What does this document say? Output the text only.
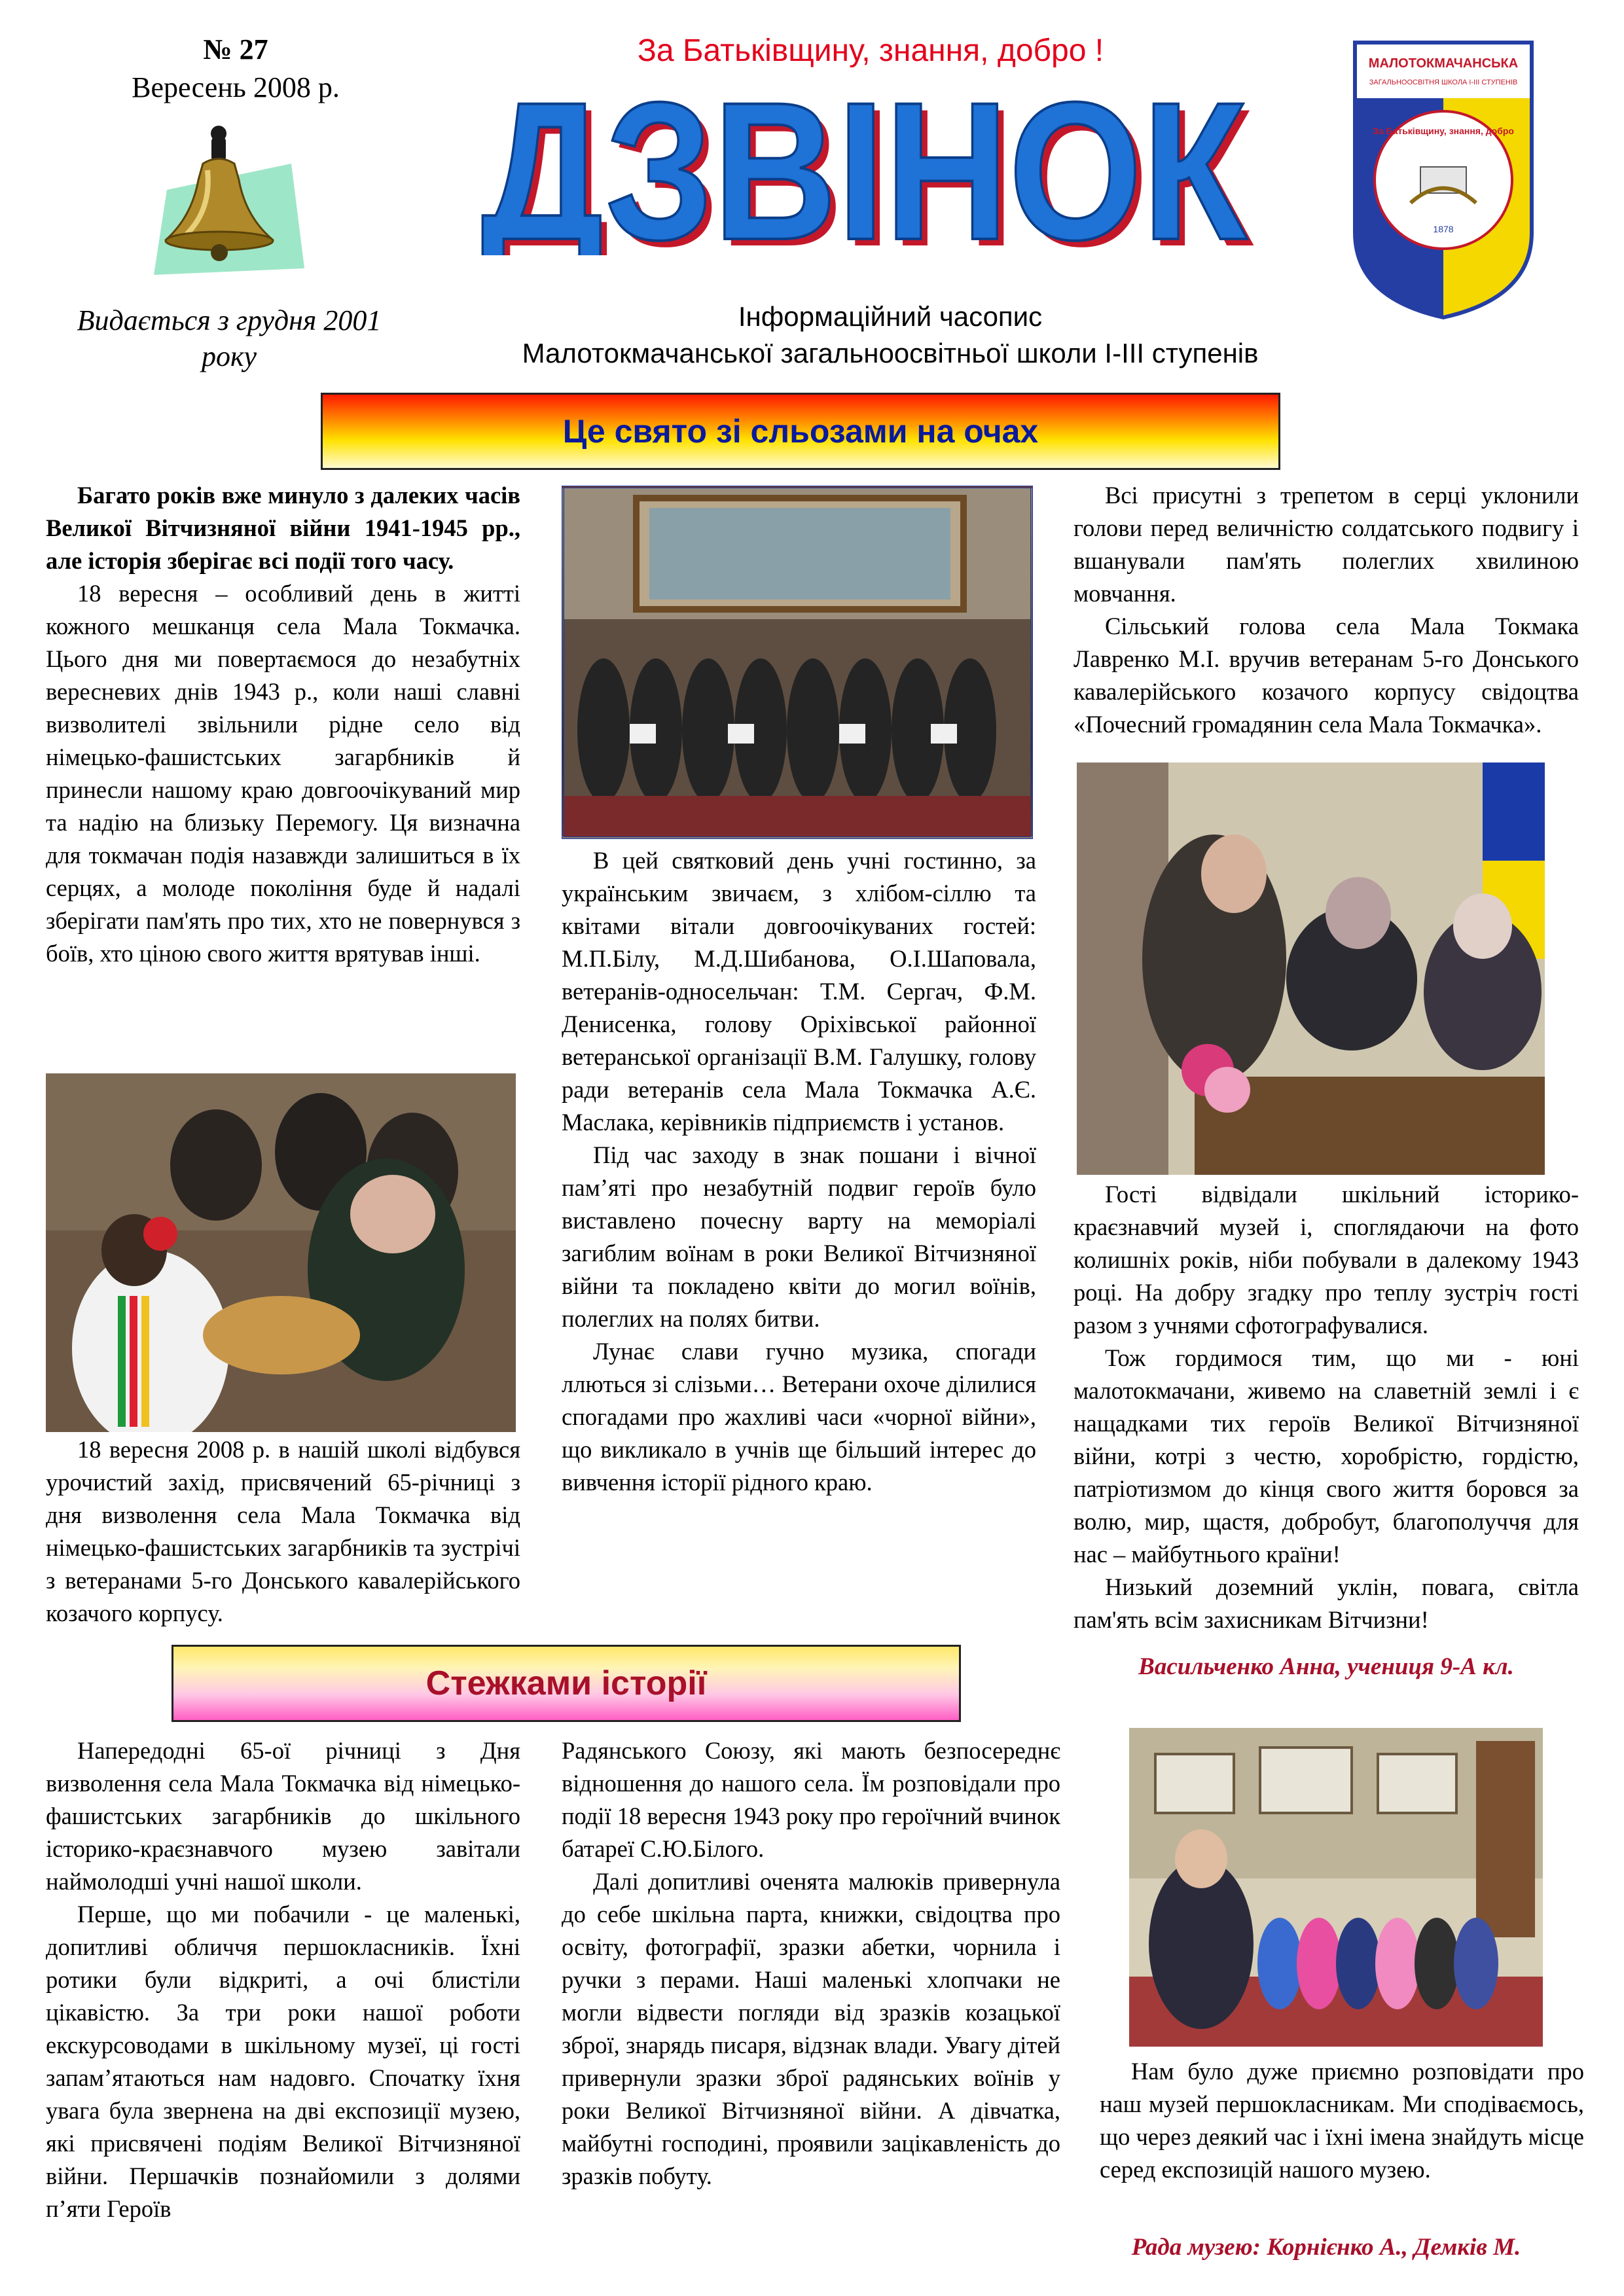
№ 27
Вересень 2008 р.
За Батьківщину, знання, добро !
ДЗВІНОК
ДЗВІНОК	МАЛОТОКМАЧАНСЬКА
ЗАГАЛЬНООСВІТНЯ ШКОЛА І-ІІІ СТУПЕНІВ
За Батьківщину, знання, добро
1878
Видається з грудня 2001 року
Інформаційний часопис
Малотокмачанської загальноосвітньої школи І-ІІІ ступенів
Це свято зі сльозами на очах

Багато років вже минуло з далеких часів Великої Вітчизняної війни 1941-1945 рр., але історія зберігає всі події того часу.

18 вересня – особливий день в житті кожного мешканця села Мала Токмачка. Цього дня ми повертаємося до незабутніх вересневих днів 1943 р., коли наші славні визволителі звільнили рідне село від німецько-фашистських загарбників й принесли нашому краю довгоочікуваний мир та надію на близьку Перемогу. Ця визначна для токмачан подія назавжди залишиться в їх серцях, а молоде покоління буде й надалі зберігати пам'ять про тих, хто не повернувся з боїв, хто ціною свого життя врятував інші.

18 вересня 2008 р. в нашій школі відбувся урочистий захід, присвячений 65-річниці з дня визволення села Мала Токмачка від німецько-фашистських загарбників та зустрічі з ветеранами 5-го Донського кавалерійського козачого корпусу.

В цей святковий день учні гостинно, за українським звичаєм, з хлібом-сіллю та квітами вітали довгоочікуваних гостей: М.П.Білу, М.Д.Шибанова, О.І.Шаповала, ветеранів-односельчан: Т.М. Сергач, Ф.М. Денисенка, голову Оріхівської районної ветеранської організації В.М. Галушку, голову ради ветеранів села Мала Токмачка А.Є. Маслака, керівників підприємств і установ.

Під час заходу в знак пошани і вічної пам’яті про незабутній подвиг героїв було виставлено почесну варту на меморіалі загиблим воїнам в роки Великої Вітчизняної війни та покладено квіти до могил воїнів, полеглих на полях битви.

Лунає слави гучно музика, спогади ллються зі слізьми… Ветерани охоче ділилися спогадами про жахливі часи «чорної війни», що викликало в учнів ще більший інтерес до вивчення історії рідного краю.

Всі присутні з трепетом в серці уклонили голови перед величністю солдатського подвигу і вшанували пам'ять полеглих хвилиною мовчання.

Сільський голова села Мала Токмака Лавренко М.І. вручив ветеранам 5-го Донського кавалерійського козачого корпусу свідоцтва «Почесний громадянин села Мала Токмачка».

Гості відвідали шкільний історико-краєзнавчий музей і, споглядаючи на фото колишніх років, ніби побували в далекому 1943 році. На добру згадку про теплу зустріч гості разом з учнями сфотографувалися.

Тож гордимося тим, що ми - юні малотокмачани, живемо на славетній землі і є нащадками тих героїв Великої Вітчизняної війни, котрі з честю, хоробрістю, гордістю, патріотизмом до кінця свого життя боровся за волю, мир, щастя, добробут, благополуччя для нас – майбутнього країни!

Низький доземний уклін, повага, світла пам'ять всім захисникам Вітчизни!

Васильченко Анна, учениця 9-А кл.
Стежками історії

Напередодні 65-ої річниці з Дня визволення села Мала Токмачка від німецько-фашистських загарбників до шкільного історико-краєзнавчого музею завітали наймолодші учні нашої школи.

Перше, що ми побачили - це маленькі, допитливі обличчя першокласників. Їхні ротики були відкриті, а очі блистіли цікавістю. За три роки нашої роботи екскурсоводами в шкільному музеї, ці гості запам’ятаються нам надовго. Спочатку їхня увага була звернена на дві експозиції музею, які присвячені подіям Великої Вітчизняної війни. Першачків познайомили з долями п’яти Героїв

Радянського Союзу, які мають безпосереднє відношення до нашого села. Їм розповідали про події 18 вересня 1943 року про героїчний вчинок батареї С.Ю.Білого.

Далі допитливі оченята малюків привернула до себе шкільна парта, книжки, свідоцтва про освіту, фотографії, зразки абетки, чорнила і ручки з перами. Наші маленькі хлопчаки не могли відвести погляди від зразків козацької зброї, знарядь писаря, відзнак влади. Увагу дітей привернули зразки зброї радянських воїнів у роки Великої Вітчизняної війни. А дівчатка, майбутні господині, проявили зацікавленість до зразків побуту.

Нам було дуже приємно розповідати про наш музей першокласникам. Ми сподіваємось, що через деякий час і їхні імена знайдуть місце серед експозицій нашого музею.

Рада музею: Корнієнко А., Демків М.
